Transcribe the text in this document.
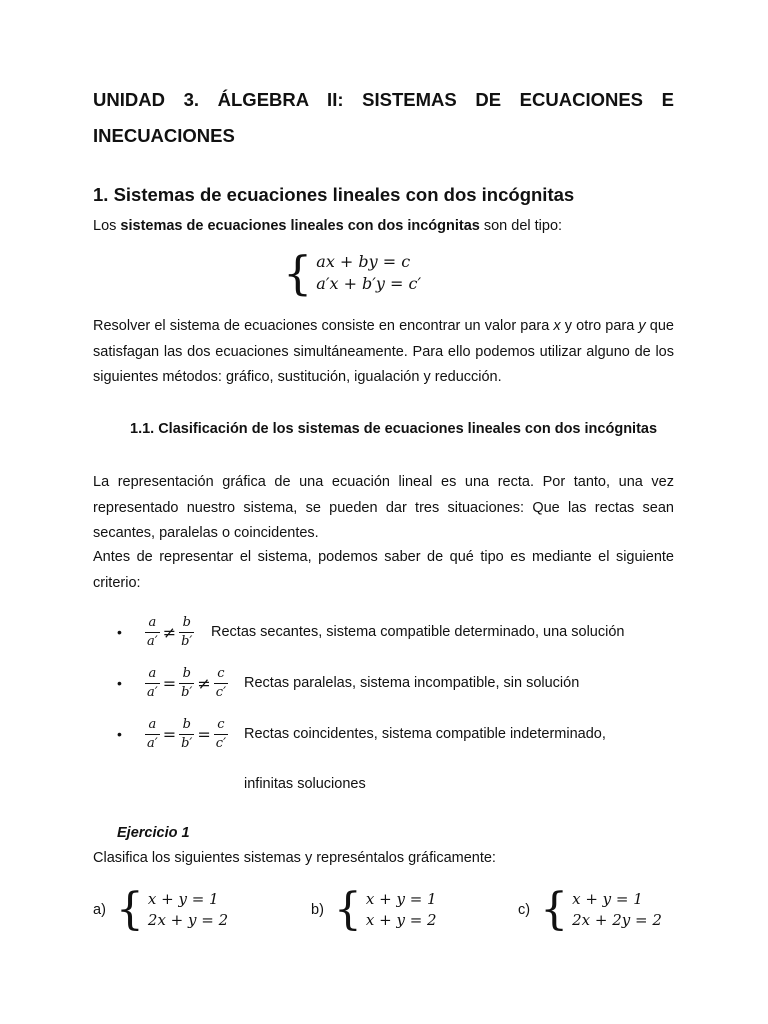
UNIDAD 3. ÁLGEBRA II: SISTEMAS DE ECUACIONES E

INECUACIONES

1. Sistemas de ecuaciones lineales con dos incógnitas

Los sistemas de ecuaciones lineales con dos incógnitas son del tipo:

{ ax + by = c
a′x + b′y = c′

Resolver el sistema de ecuaciones consiste en encontrar un valor para x y otro para y que satisfagan las dos ecuaciones simultáneamente. Para ello podemos utilizar alguno de los siguientes métodos: gráfico, sustitución, igualación y reducción.

1.1. Clasificación de los sistemas de ecuaciones lineales con dos incógnitas

La representación gráfica de una ecuación lineal es una recta. Por tanto, una vez representado nuestro sistema, se pueden dar tres situaciones: Que las rectas sean secantes, paralelas o coincidentes.

Antes de representar el sistema, podemos saber de qué tipo es mediante el siguiente criterio:

• $\frac{a}{a'} \ne \frac{b}{b'}$ Rectas secantes, sistema compatible determinado, una solución
• $\frac{a}{a'} = \frac{b}{b'} \ne \frac{c}{c'}$ Rectas paralelas, sistema incompatible, sin solución
• $\frac{a}{a'} = \frac{b}{b'} = \frac{c}{c'}$ Rectas coincidentes, sistema compatible indeterminado,

infinitas soluciones

Ejercicio 1

Clasifica los siguientes sistemas y represéntalos gráficamente:

a) { x + y = 1
2x + y = 2
b) { x + y = 1
x + y = 2
c) { x + y = 1
2x + 2y = 2
